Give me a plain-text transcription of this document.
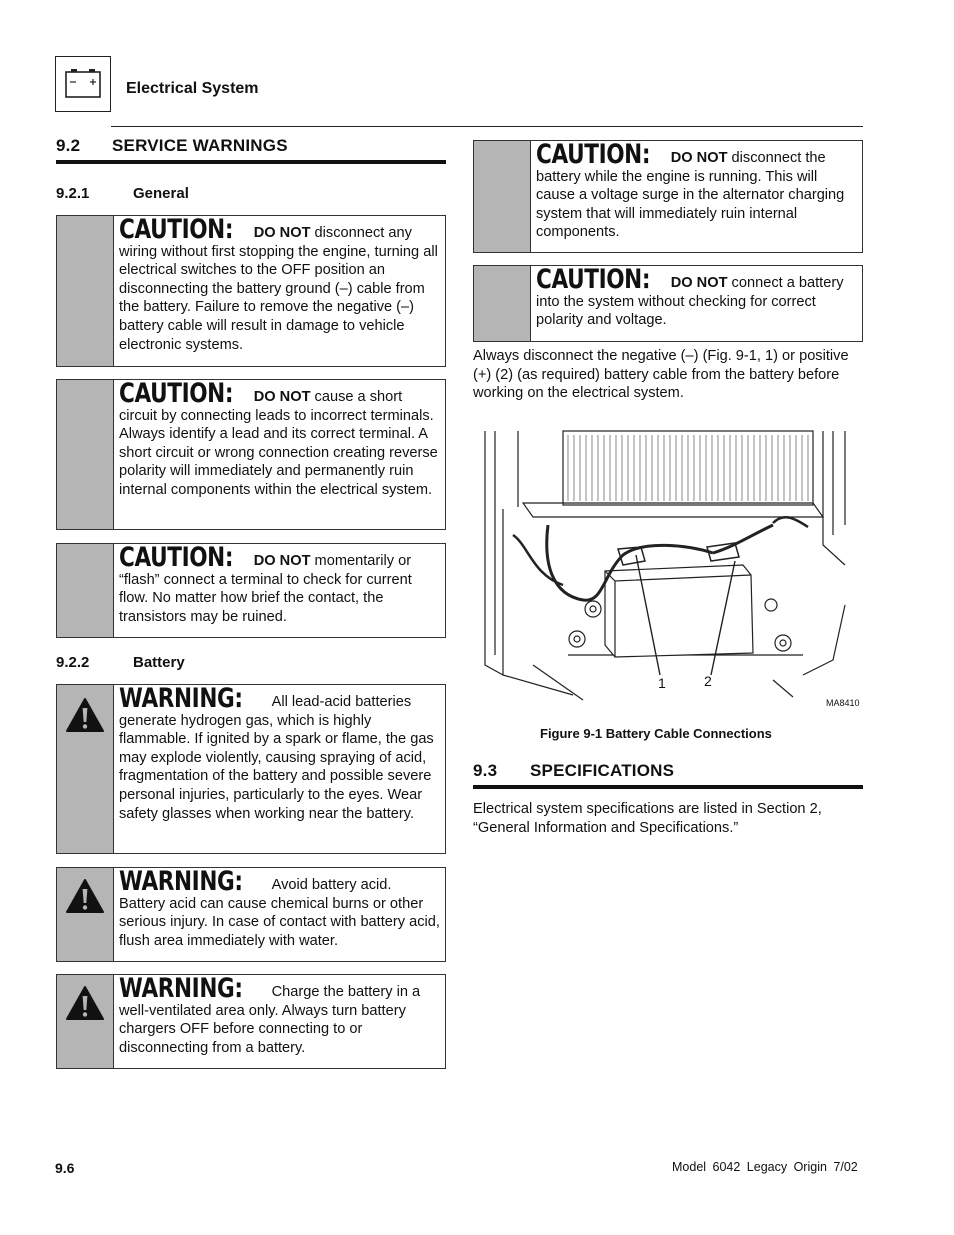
Electrical System
9.2 SERVICE WARNINGS
9.2.1	General
CAUTION: DO NOT disconnect any wiring without first stopping the engine, turning all electrical switches to the OFF position an disconnecting the battery ground (–) cable from the battery. Failure to remove the negative (–) battery cable will result in damage to vehicle electronic systems.
CAUTION: DO NOT cause a short circuit by connecting leads to incorrect terminals. Always identify a lead and its correct terminal. A short circuit or wrong connection creating reverse polarity will immediately and permanently ruin internal components within the electrical system.
CAUTION: DO NOT momentarily or “flash” connect a terminal to check for current flow. No matter how brief the contact, the transistors may be ruined.
9.2.2	Battery
WARNING: All lead-acid batteries generate hydrogen gas, which is highly flammable. If ignited by a spark or flame, the gas may explode violently, causing spraying of acid, fragmentation of the battery and possible severe personal injuries, particularly to the eyes. Wear safety glasses when working near the battery.
WARNING: Avoid battery acid. Battery acid can cause chemical burns or other serious injury. In case of contact with battery acid, flush area immediately with water.
WARNING: Charge the battery in a well-ventilated area only. Always turn battery chargers OFF before connecting to or disconnecting from a battery.
CAUTION: DO NOT disconnect the battery while the engine is running. This will cause a voltage surge in the alternator charging system that will immediately ruin internal components.
CAUTION: DO NOT connect a battery into the system without checking for correct polarity and voltage.
Always disconnect the negative (–) (Fig. 9-1, 1) or positive (+) (2) (as required) battery cable from the battery before working on the electrical system.
1	2
MA8410
Figure 9-1 Battery Cable Connections
9.3 SPECIFICATIONS
Electrical system specifications are listed in Section 2, “General Information and Specifications.”
9.6	Model 6042 Legacy Origin 7/02
